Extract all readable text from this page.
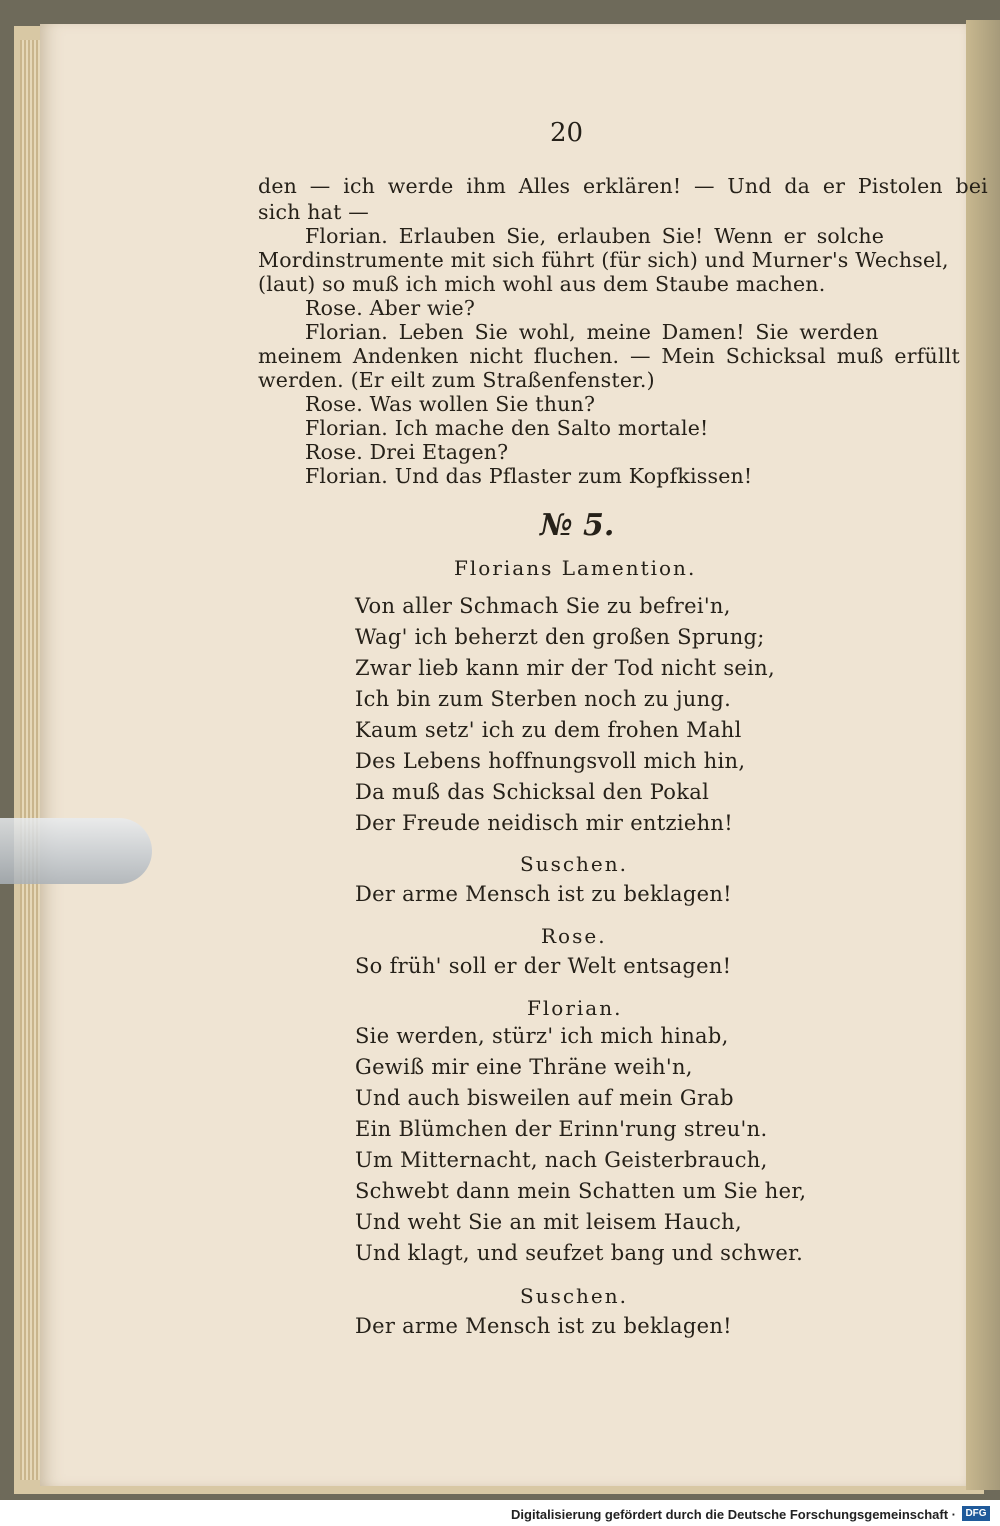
20
den — ich werde ihm Alles erklären! — Und da er Pistolen bei
sich hat —
Florian. Erlauben Sie, erlauben Sie! Wenn er solche
Mordinstrumente mit sich führt (für sich) und Murner's Wechsel,
(laut) so muß ich mich wohl aus dem Staube machen.
Rose. Aber wie?
Florian. Leben Sie wohl, meine Damen! Sie werden
meinem Andenken nicht fluchen. — Mein Schicksal muß erfüllt
werden. (Er eilt zum Straßenfenster.)
Rose. Was wollen Sie thun?
Florian. Ich mache den Salto mortale!
Rose. Drei Etagen?
Florian. Und das Pflaster zum Kopfkissen!
№ 5.
Florians Lamention.
Von aller Schmach Sie zu befrei'n,
Wag' ich beherzt den großen Sprung;
Zwar lieb kann mir der Tod nicht sein,
Ich bin zum Sterben noch zu jung.
Kaum setz' ich zu dem frohen Mahl
Des Lebens hoffnungsvoll mich hin,
Da muß das Schicksal den Pokal
Der Freude neidisch mir entziehn!
Suschen.
Der arme Mensch ist zu beklagen!
Rose.
So früh' soll er der Welt entsagen!
Florian.
Sie werden, stürz' ich mich hinab,
Gewiß mir eine Thräne weih'n,
Und auch bisweilen auf mein Grab
Ein Blümchen der Erinn'rung streu'n.
Um Mitternacht, nach Geisterbrauch,
Schwebt dann mein Schatten um Sie her,
Und weht Sie an mit leisem Hauch,
Und klagt, und seufzet bang und schwer.
Suschen.
Der arme Mensch ist zu beklagen!
Digitalisierung gefördert durch die Deutsche Forschungsgemeinschaft · DFG
